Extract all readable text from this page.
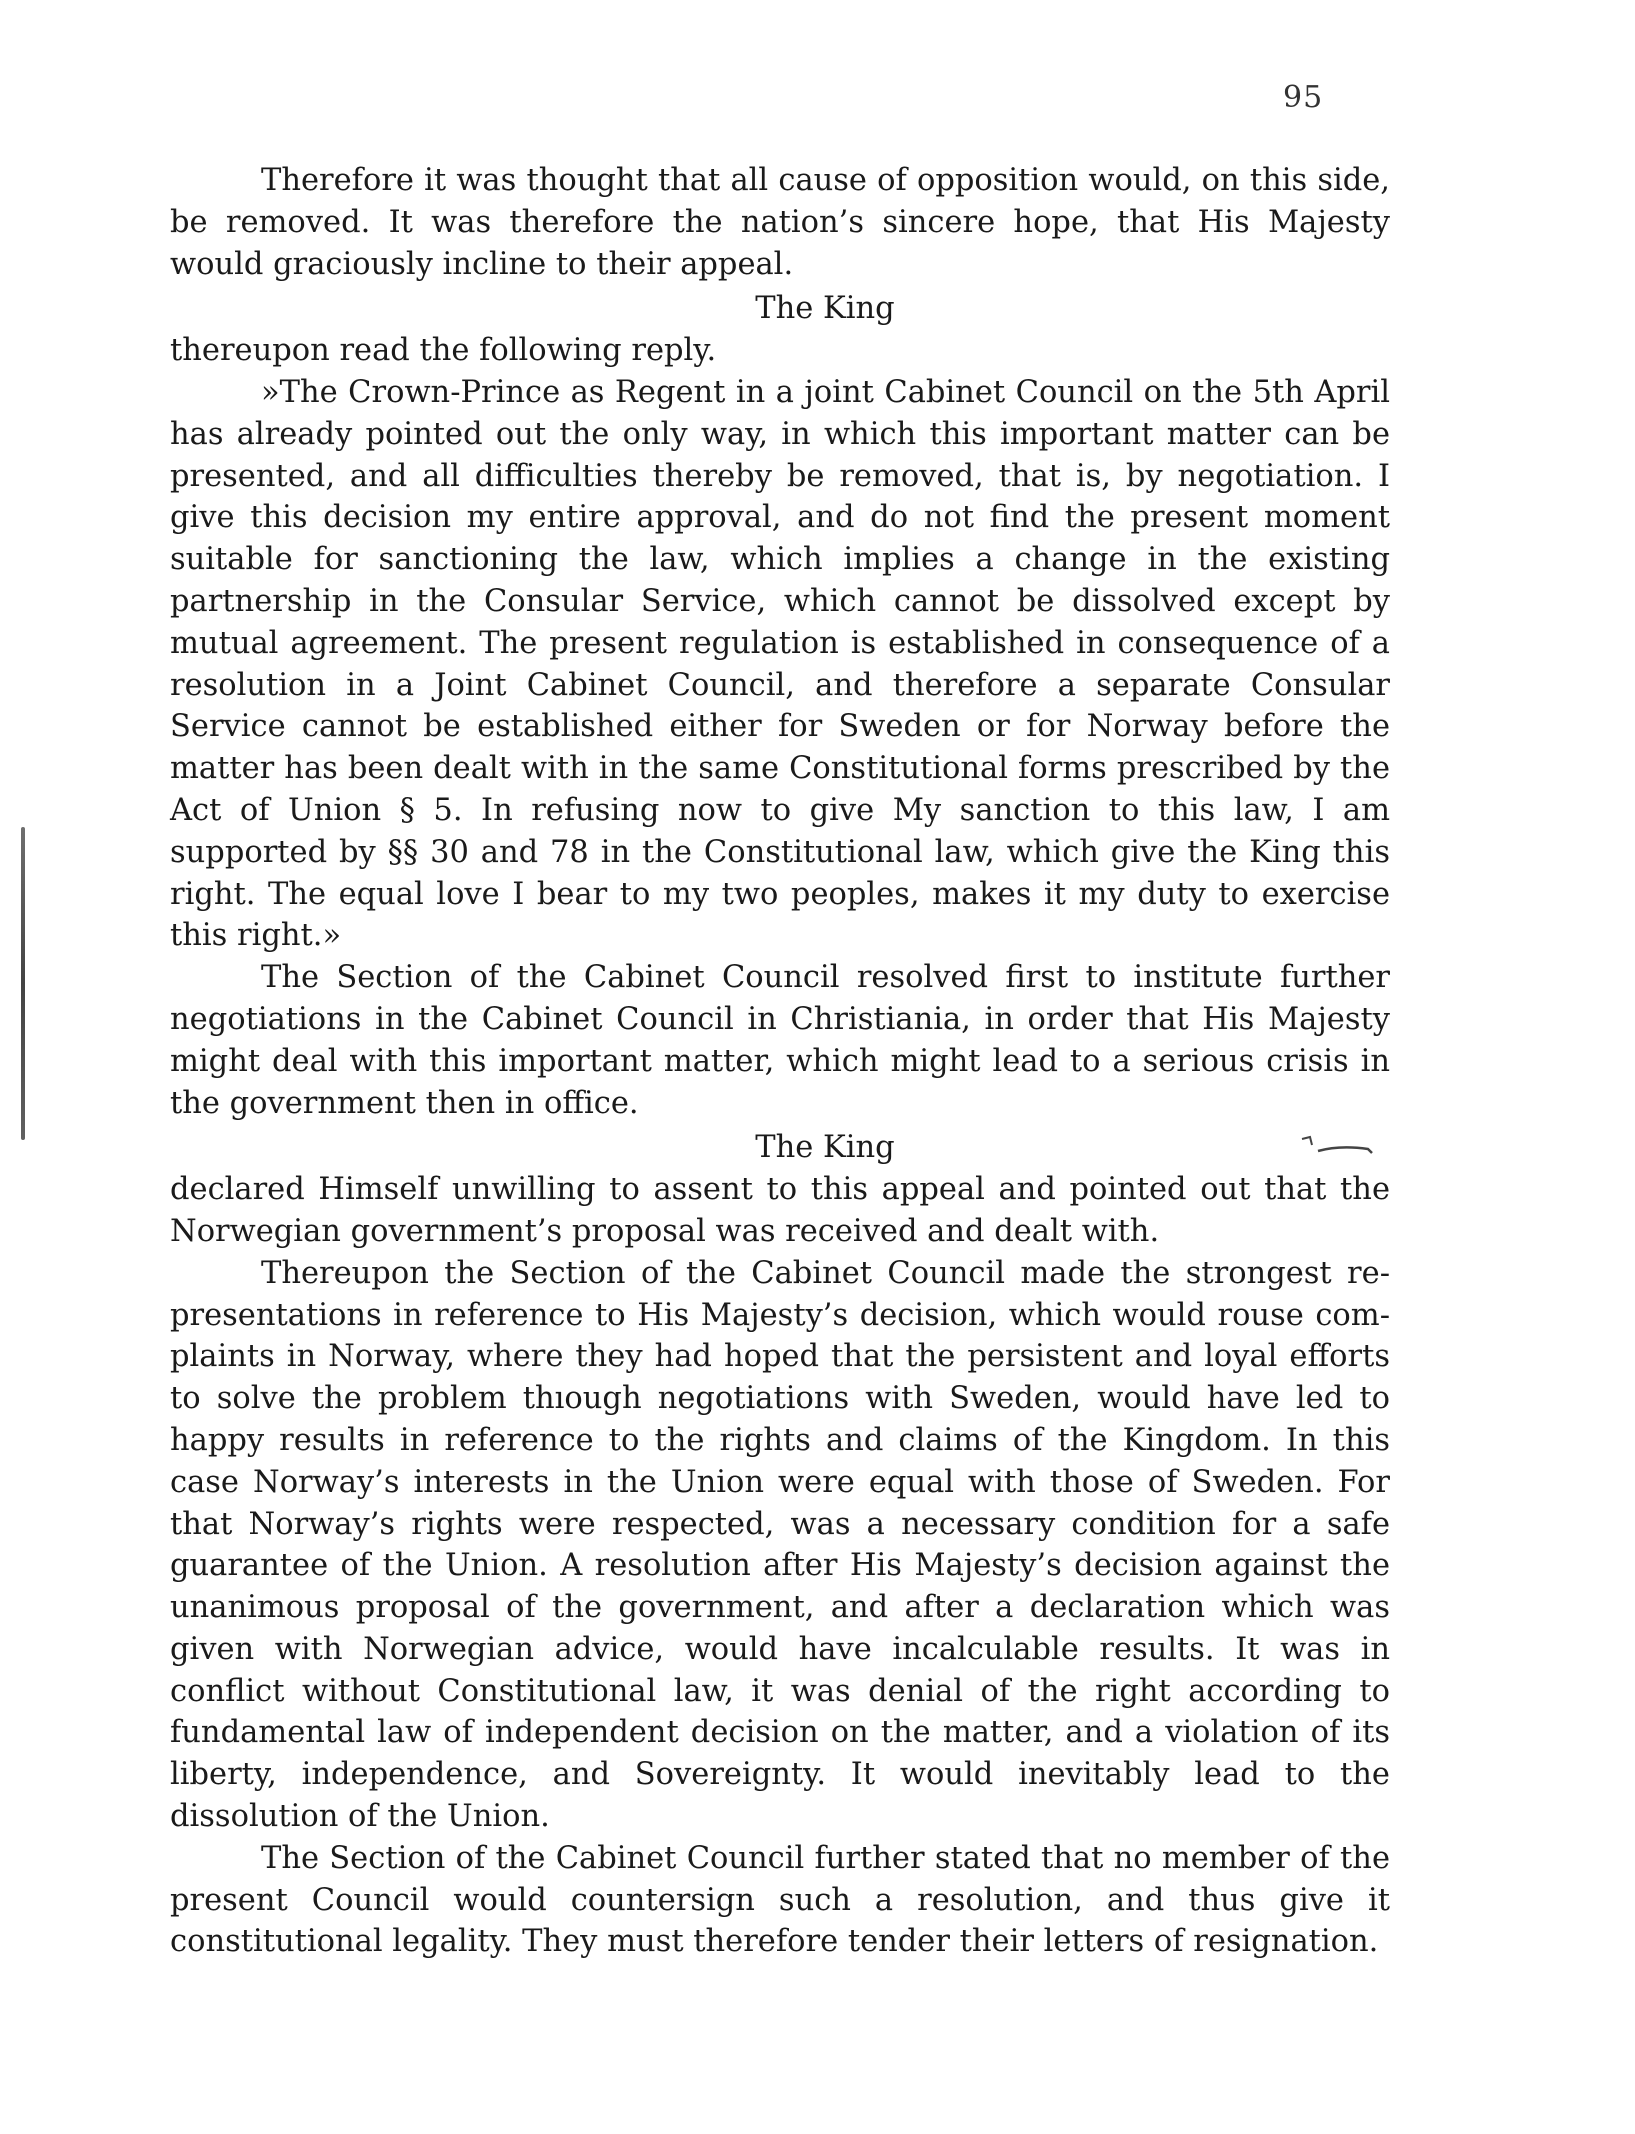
95

Therefore it was thought that all cause of opposition would, on this side, be removed. It was therefore the nation’s sincere hope, that His Majesty would graciously incline to their appeal.

The King

thereupon read the following reply.

»The Crown-Prince as Regent in a joint Cabinet Council on the 5th April has already pointed out the only way, in which this important matter can be presented, and all difficulties thereby be removed, that is, by negotiation. I give this decision my entire approval, and do not find the present moment suitable for sanctioning the law, which implies a change in the existing partnership in the Consular Service, which cannot be dissolved except by mutual agreement. The present regulation is established in consequence of a resolution in a Joint Cabinet Council, and therefore a separate Consular Service cannot be established either for Sweden or for Norway before the matter has been dealt with in the same Constitutional forms prescribed by the Act of Union § 5. In refusing now to give My sanction to this law, I am supported by §§ 30 and 78 in the Constitutional law, which give the King this right. The equal love I bear to my two peoples, makes it my duty to exercise this right.»

The Section of the Cabinet Council resolved first to institute further negotiations in the Cabinet Council in Christiania, in order that His Majesty might deal with this important matter, which might lead to a serious crisis in the government then in office.

The King

declared Himself unwilling to assent to this appeal and pointed out that the Norwegian government’s proposal was received and dealt with.

Thereupon the Section of the Cabinet Council made the strongest representations in reference to His Majesty’s decision, which would rouse complaints in Norway, where they had hoped that the persistent and loyal efforts to solve the problem thıough negotiations with Sweden, would have led to happy results in reference to the rights and claims of the Kingdom. In this case Norway’s interests in the Union were equal with those of Sweden. For that Norway’s rights were respected, was a necessary condition for a safe guarantee of the Union. A resolution after His Majesty’s decision against the unanimous proposal of the government, and after a declaration which was given with Norwegian advice, would have incalculable results. It was in conflict without Constitutional law, it was denial of the right according to fundamental law of independent decision on the matter, and a violation of its liberty, independence, and Sovereignty. It would inevitably lead to the dissolution of the Union.

The Section of the Cabinet Council further stated that no member of the present Council would countersign such a resolution, and thus give it constitutional legality. They must therefore tender their letters of resignation.
